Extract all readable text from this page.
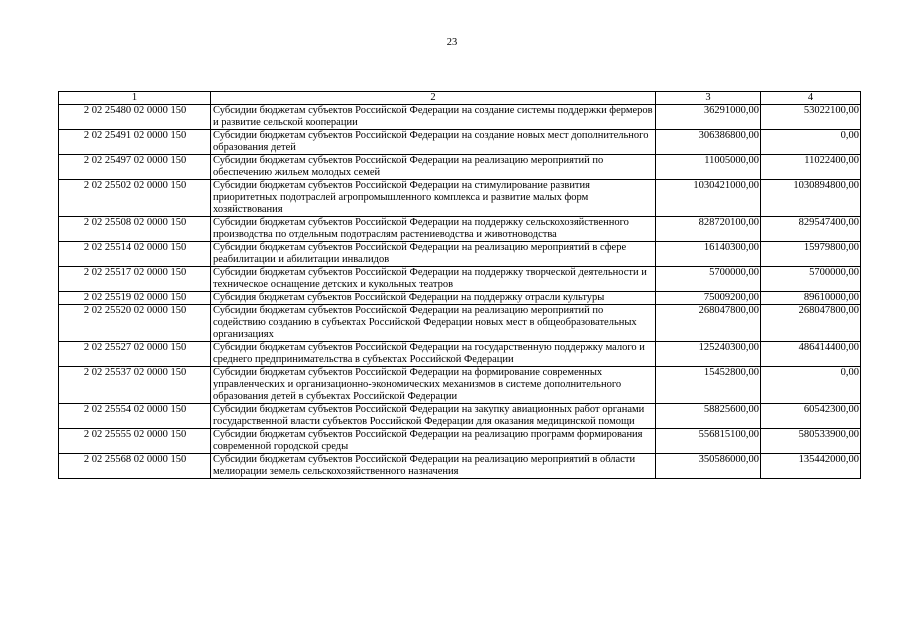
23
1	2	3	4
2 02 25480 02 0000 150	Субсидии бюджетам субъектов Российской Федерации на создание системы поддержки фермеров и развитие сельской кооперации	36291000,00	53022100,00
2 02 25491 02 0000 150	Субсидии бюджетам субъектов Российской Федерации на создание новых мест дополнительного образования детей	306386800,00	0,00
2 02 25497 02 0000 150	Субсидии бюджетам субъектов Российской Федерации на реализацию мероприятий по обеспечению жильем молодых семей	11005000,00	11022400,00
2 02 25502 02 0000 150	Субсидии бюджетам субъектов Российской Федерации на стимулирование развития приоритетных подотраслей агропромышленного комплекса и развитие малых форм хозяйствования	1030421000,00	1030894800,00
2 02 25508 02 0000 150	Субсидии бюджетам субъектов Российской Федерации на поддержку сельскохозяйственного производства по отдельным подотраслям растениеводства и животноводства	828720100,00	829547400,00
2 02 25514 02 0000 150	Субсидии бюджетам субъектов Российской Федерации на реализацию мероприятий в сфере реабилитации и абилитации инвалидов	16140300,00	15979800,00
2 02 25517 02 0000 150	Субсидии бюджетам субъектов Российской Федерации на поддержку творческой деятельности и техническое оснащение детских и кукольных театров	5700000,00	5700000,00
2 02 25519 02 0000 150	Субсидия бюджетам субъектов Российской Федерации на поддержку отрасли культуры	75009200,00	89610000,00
2 02 25520 02 0000 150	Субсидии бюджетам субъектов Российской Федерации на реализацию мероприятий по содействию созданию в субъектах Российской Федерации новых мест в общеобразовательных организациях	268047800,00	268047800,00
2 02 25527 02 0000 150	Субсидии бюджетам субъектов Российской Федерации на государственную поддержку малого и среднего предпринимательства в субъектах Российской Федерации	125240300,00	486414400,00
2 02 25537 02 0000 150	Субсидии бюджетам субъектов Российской Федерации на формирование современных управленческих и организационно-экономических механизмов в системе дополнительного образования детей в субъектах Российской Федерации	15452800,00	0,00
2 02 25554 02 0000 150	Субсидии бюджетам субъектов Российской Федерации на закупку авиационных работ органами государственной власти субъектов Российской Федерации для оказания медицинской помощи	58825600,00	60542300,00
2 02 25555 02 0000 150	Субсидии бюджетам субъектов Российской Федерации на реализацию программ формирования современной городской среды	556815100,00	580533900,00
2 02 25568 02 0000 150	Субсидии бюджетам субъектов Российской Федерации на реализацию мероприятий в области мелиорации земель сельскохозяйственного назначения	350586000,00	135442000,00
